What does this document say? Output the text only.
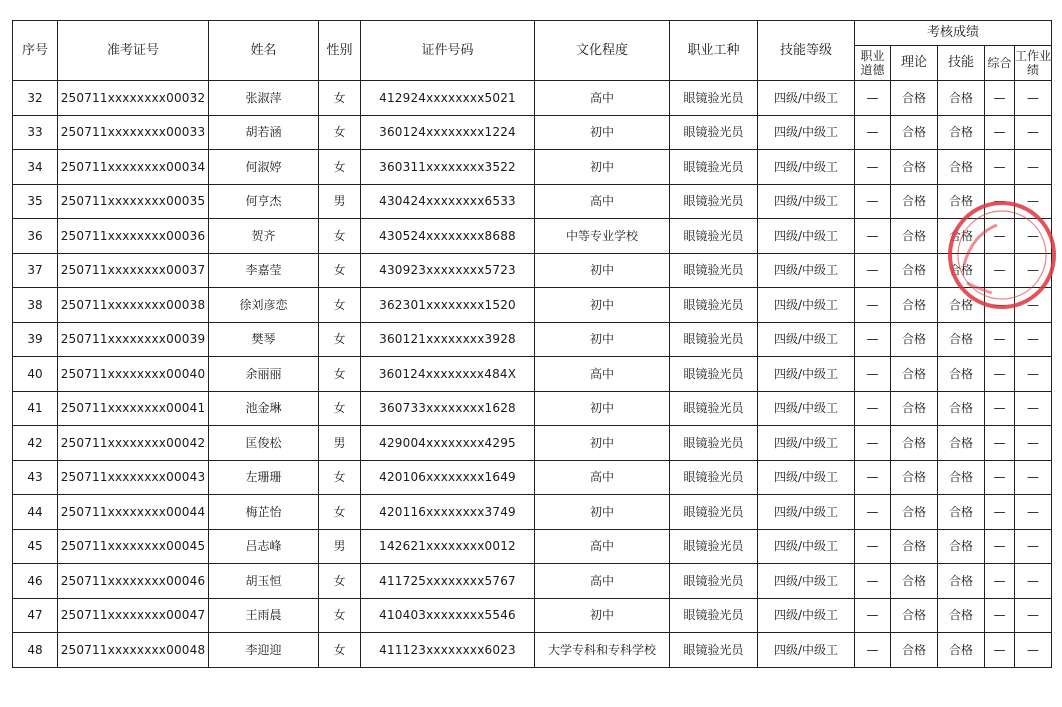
序号	准考证号	姓名	性别	证件号码	文化程度	职业工种	技能等级	考核成绩				
								职业道德	理论	技能	综合	工作业绩
32	250711xxxxxxxx00032	张淑萍	女	412924xxxxxxxx5021	高中	眼镜验光员	四级/中级工	—	合格	合格	—	—
33	250711xxxxxxxx00033	胡若涵	女	360124xxxxxxxx1224	初中	眼镜验光员	四级/中级工	—	合格	合格	—	—
34	250711xxxxxxxx00034	何淑婷	女	360311xxxxxxxx3522	初中	眼镜验光员	四级/中级工	—	合格	合格	—	—
35	250711xxxxxxxx00035	何亨杰	男	430424xxxxxxxx6533	高中	眼镜验光员	四级/中级工	—	合格	合格	—	—
36	250711xxxxxxxx00036	贺齐	女	430524xxxxxxxx8688	中等专业学校	眼镜验光员	四级/中级工	—	合格	合格	—	—
37	250711xxxxxxxx00037	李嘉莹	女	430923xxxxxxxx5723	初中	眼镜验光员	四级/中级工	—	合格	合格	—	—
38	250711xxxxxxxx00038	徐刘彦恋	女	362301xxxxxxxx1520	初中	眼镜验光员	四级/中级工	—	合格	合格	—	—
39	250711xxxxxxxx00039	樊琴	女	360121xxxxxxxx3928	初中	眼镜验光员	四级/中级工	—	合格	合格	—	—
40	250711xxxxxxxx00040	余丽丽	女	360124xxxxxxxx484X	高中	眼镜验光员	四级/中级工	—	合格	合格	—	—
41	250711xxxxxxxx00041	池金琳	女	360733xxxxxxxx1628	初中	眼镜验光员	四级/中级工	—	合格	合格	—	—
42	250711xxxxxxxx00042	匡俊松	男	429004xxxxxxxx4295	初中	眼镜验光员	四级/中级工	—	合格	合格	—	—
43	250711xxxxxxxx00043	左珊珊	女	420106xxxxxxxx1649	高中	眼镜验光员	四级/中级工	—	合格	合格	—	—
44	250711xxxxxxxx00044	梅芷怡	女	420116xxxxxxxx3749	初中	眼镜验光员	四级/中级工	—	合格	合格	—	—
45	250711xxxxxxxx00045	吕志峰	男	142621xxxxxxxx0012	高中	眼镜验光员	四级/中级工	—	合格	合格	—	—
46	250711xxxxxxxx00046	胡玉恒	女	411725xxxxxxxx5767	高中	眼镜验光员	四级/中级工	—	合格	合格	—	—
47	250711xxxxxxxx00047	王雨晨	女	410403xxxxxxxx5546	初中	眼镜验光员	四级/中级工	—	合格	合格	—	—
48	250711xxxxxxxx00048	李迎迎	女	411123xxxxxxxx6023	大学专科和专科学校	眼镜验光员	四级/中级工	—	合格	合格	—	—
